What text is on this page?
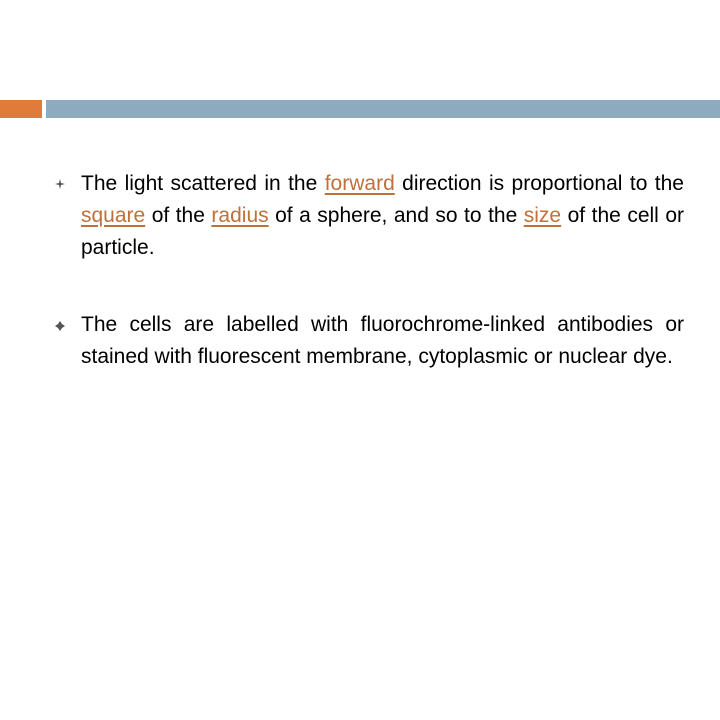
The light scattered in the forward direction is proportional to the square of the radius of a sphere, and so to the size of the cell or particle.
The cells are labelled with fluorochrome-linked antibodies or stained with fluorescent membrane, cytoplasmic or nuclear dye.
